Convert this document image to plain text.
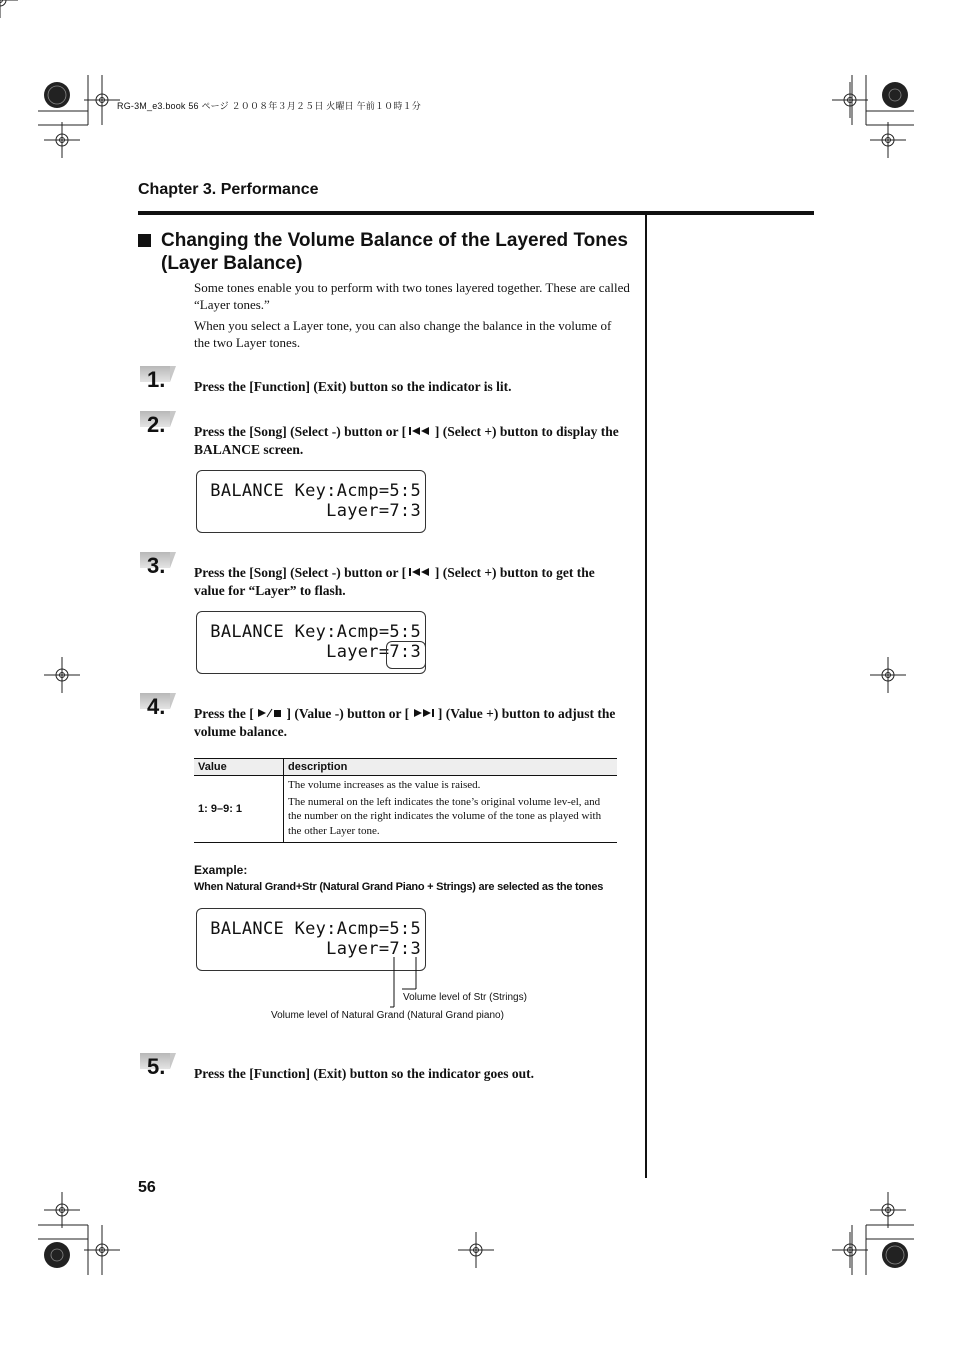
RG-3M_e3.book 56 ページ ２００８年３月２５日 火曜日 午前１０時１分
Chapter 3. Performance
Changing the Volume Balance of the Layered Tones (Layer Balance)
Some tones enable you to perform with two tones layered together. These are called “Layer tones.”
When you select a Layer tone, you can also change the balance in the volume of the two Layer tones.
1. Press the [Function] (Exit) button so the indicator is lit.
2. Press the [Song] (Select -) button or [ ] (Select +) button to display the BALANCE screen.
BALANCE Key:Acmp=5:5
Layer=7:3
3. Press the [Song] (Select -) button or [ ] (Select +) button to get the value for “Layer” to flash.
BALANCE Key:Acmp=5:5
Layer=7:3
4. Press the [ ] (Value -) button or [ ] (Value +) button to adjust the volume balance.
Value	description
1: 9–9: 1	The volume increases as the value is raised.

The numeral on the left indicates the tone’s original volume lev-el, and the number on the right indicates the volume of the tone as played with the other Layer tone.

Example:
When Natural Grand+Str (Natural Grand Piano + Strings) are selected as the tones
BALANCE Key:Acmp=5:5
Layer=7:3
Volume level of Str (Strings)
Volume level of Natural Grand (Natural Grand piano)
5. Press the [Function] (Exit) button so the indicator goes out.
56
